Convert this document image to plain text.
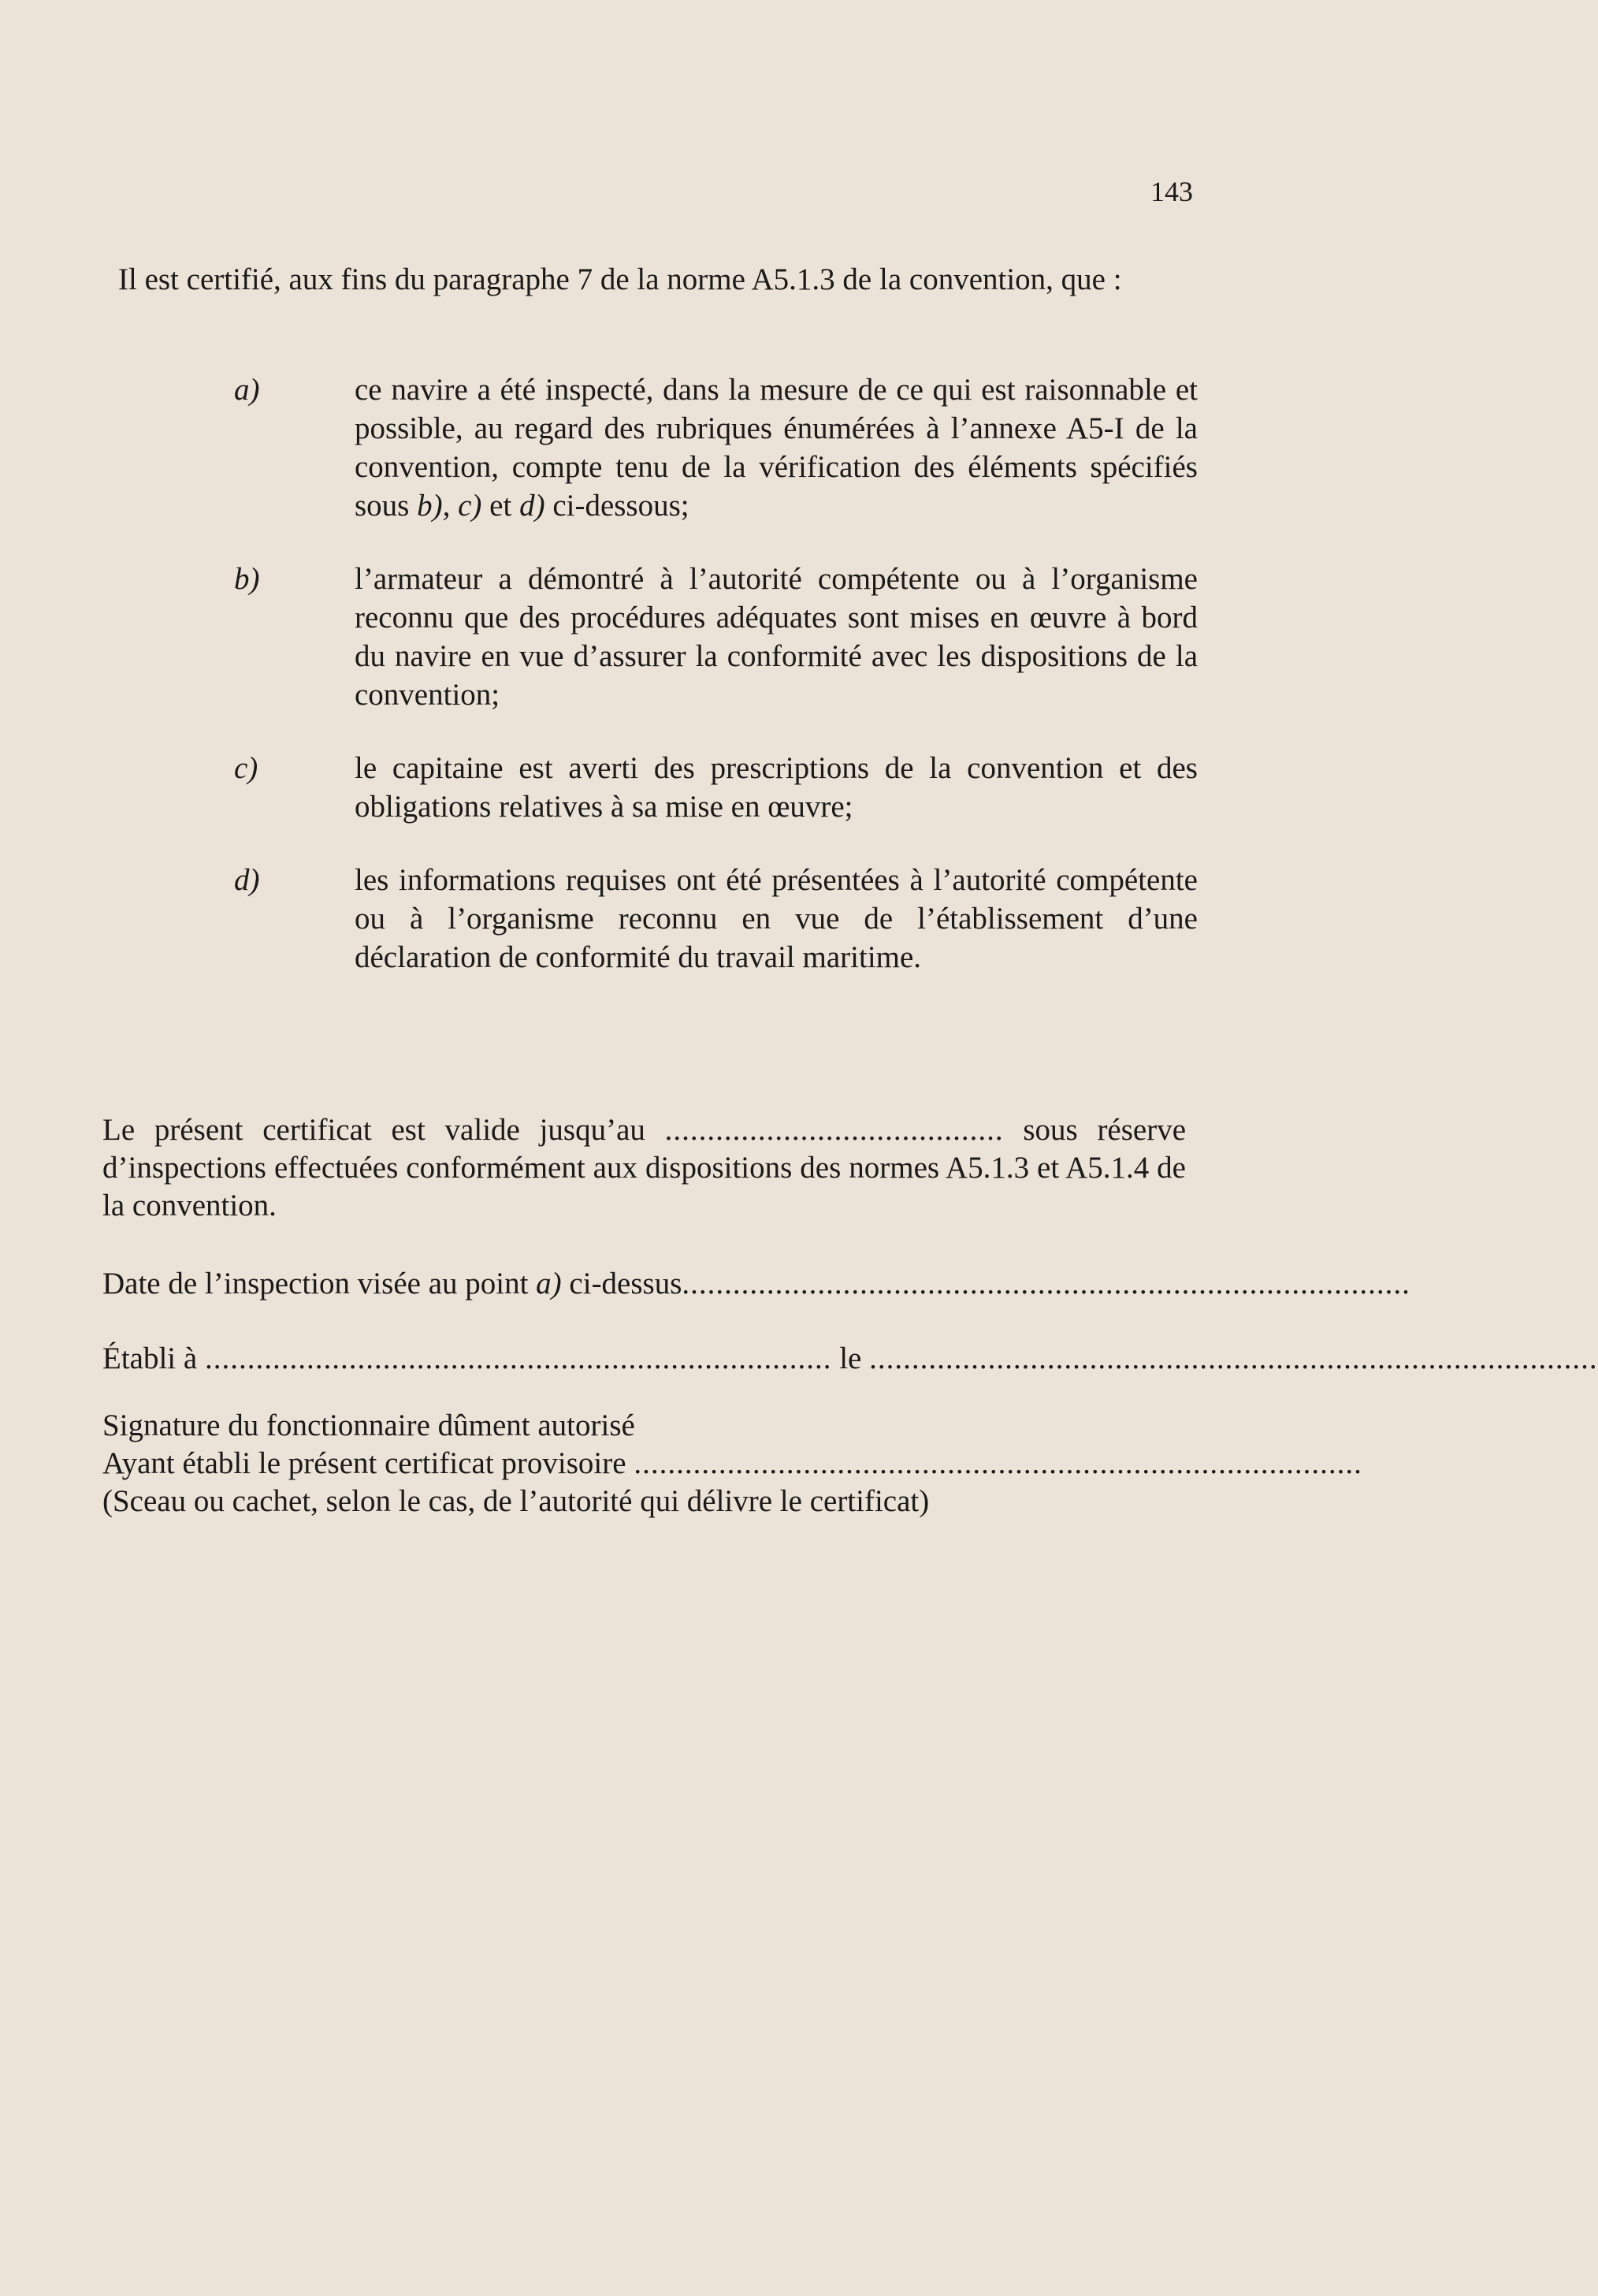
143

Il est certifié, aux fins du paragraphe 7 de la norme A5.1.3 de la convention, que :

a)	ce navire a été inspecté, dans la mesure de ce qui est raisonnable et possible, au regard des rubriques énumérées à l’annexe A5-I de la convention, compte tenu de la vérification des éléments spécifiés sous b), c) et d) ci-dessous;
b)	l’armateur a démontré à l’autorité compétente ou à l’organisme reconnu que des procédures adéquates sont mises en œuvre à bord du navire en vue d’assurer la conformité avec les dispositions de la convention;
c)	le capitaine est averti des prescriptions de la convention et des obligations relatives à sa mise en œuvre;
d)	les informations requises ont été présentées à l’autorité compétente ou à l’organisme reconnu en vue de l’établissement d’une déclaration de conformité du travail maritime.

Le présent certificat est valide jusqu’au ........................................ sous réserve d’inspections effectuées conformément aux dispositions des normes A5.1.3 et A5.1.4 de la convention.

Date de l’inspection visée au point a) ci-dessus......................................................................................
Établi à .......................................................................... le ......................................................................................
Signature du fonctionnaire dûment autorisé
Ayant établi le présent certificat provisoire ......................................................................................
(Sceau ou cachet, selon le cas, de l’autorité qui délivre le certificat)
